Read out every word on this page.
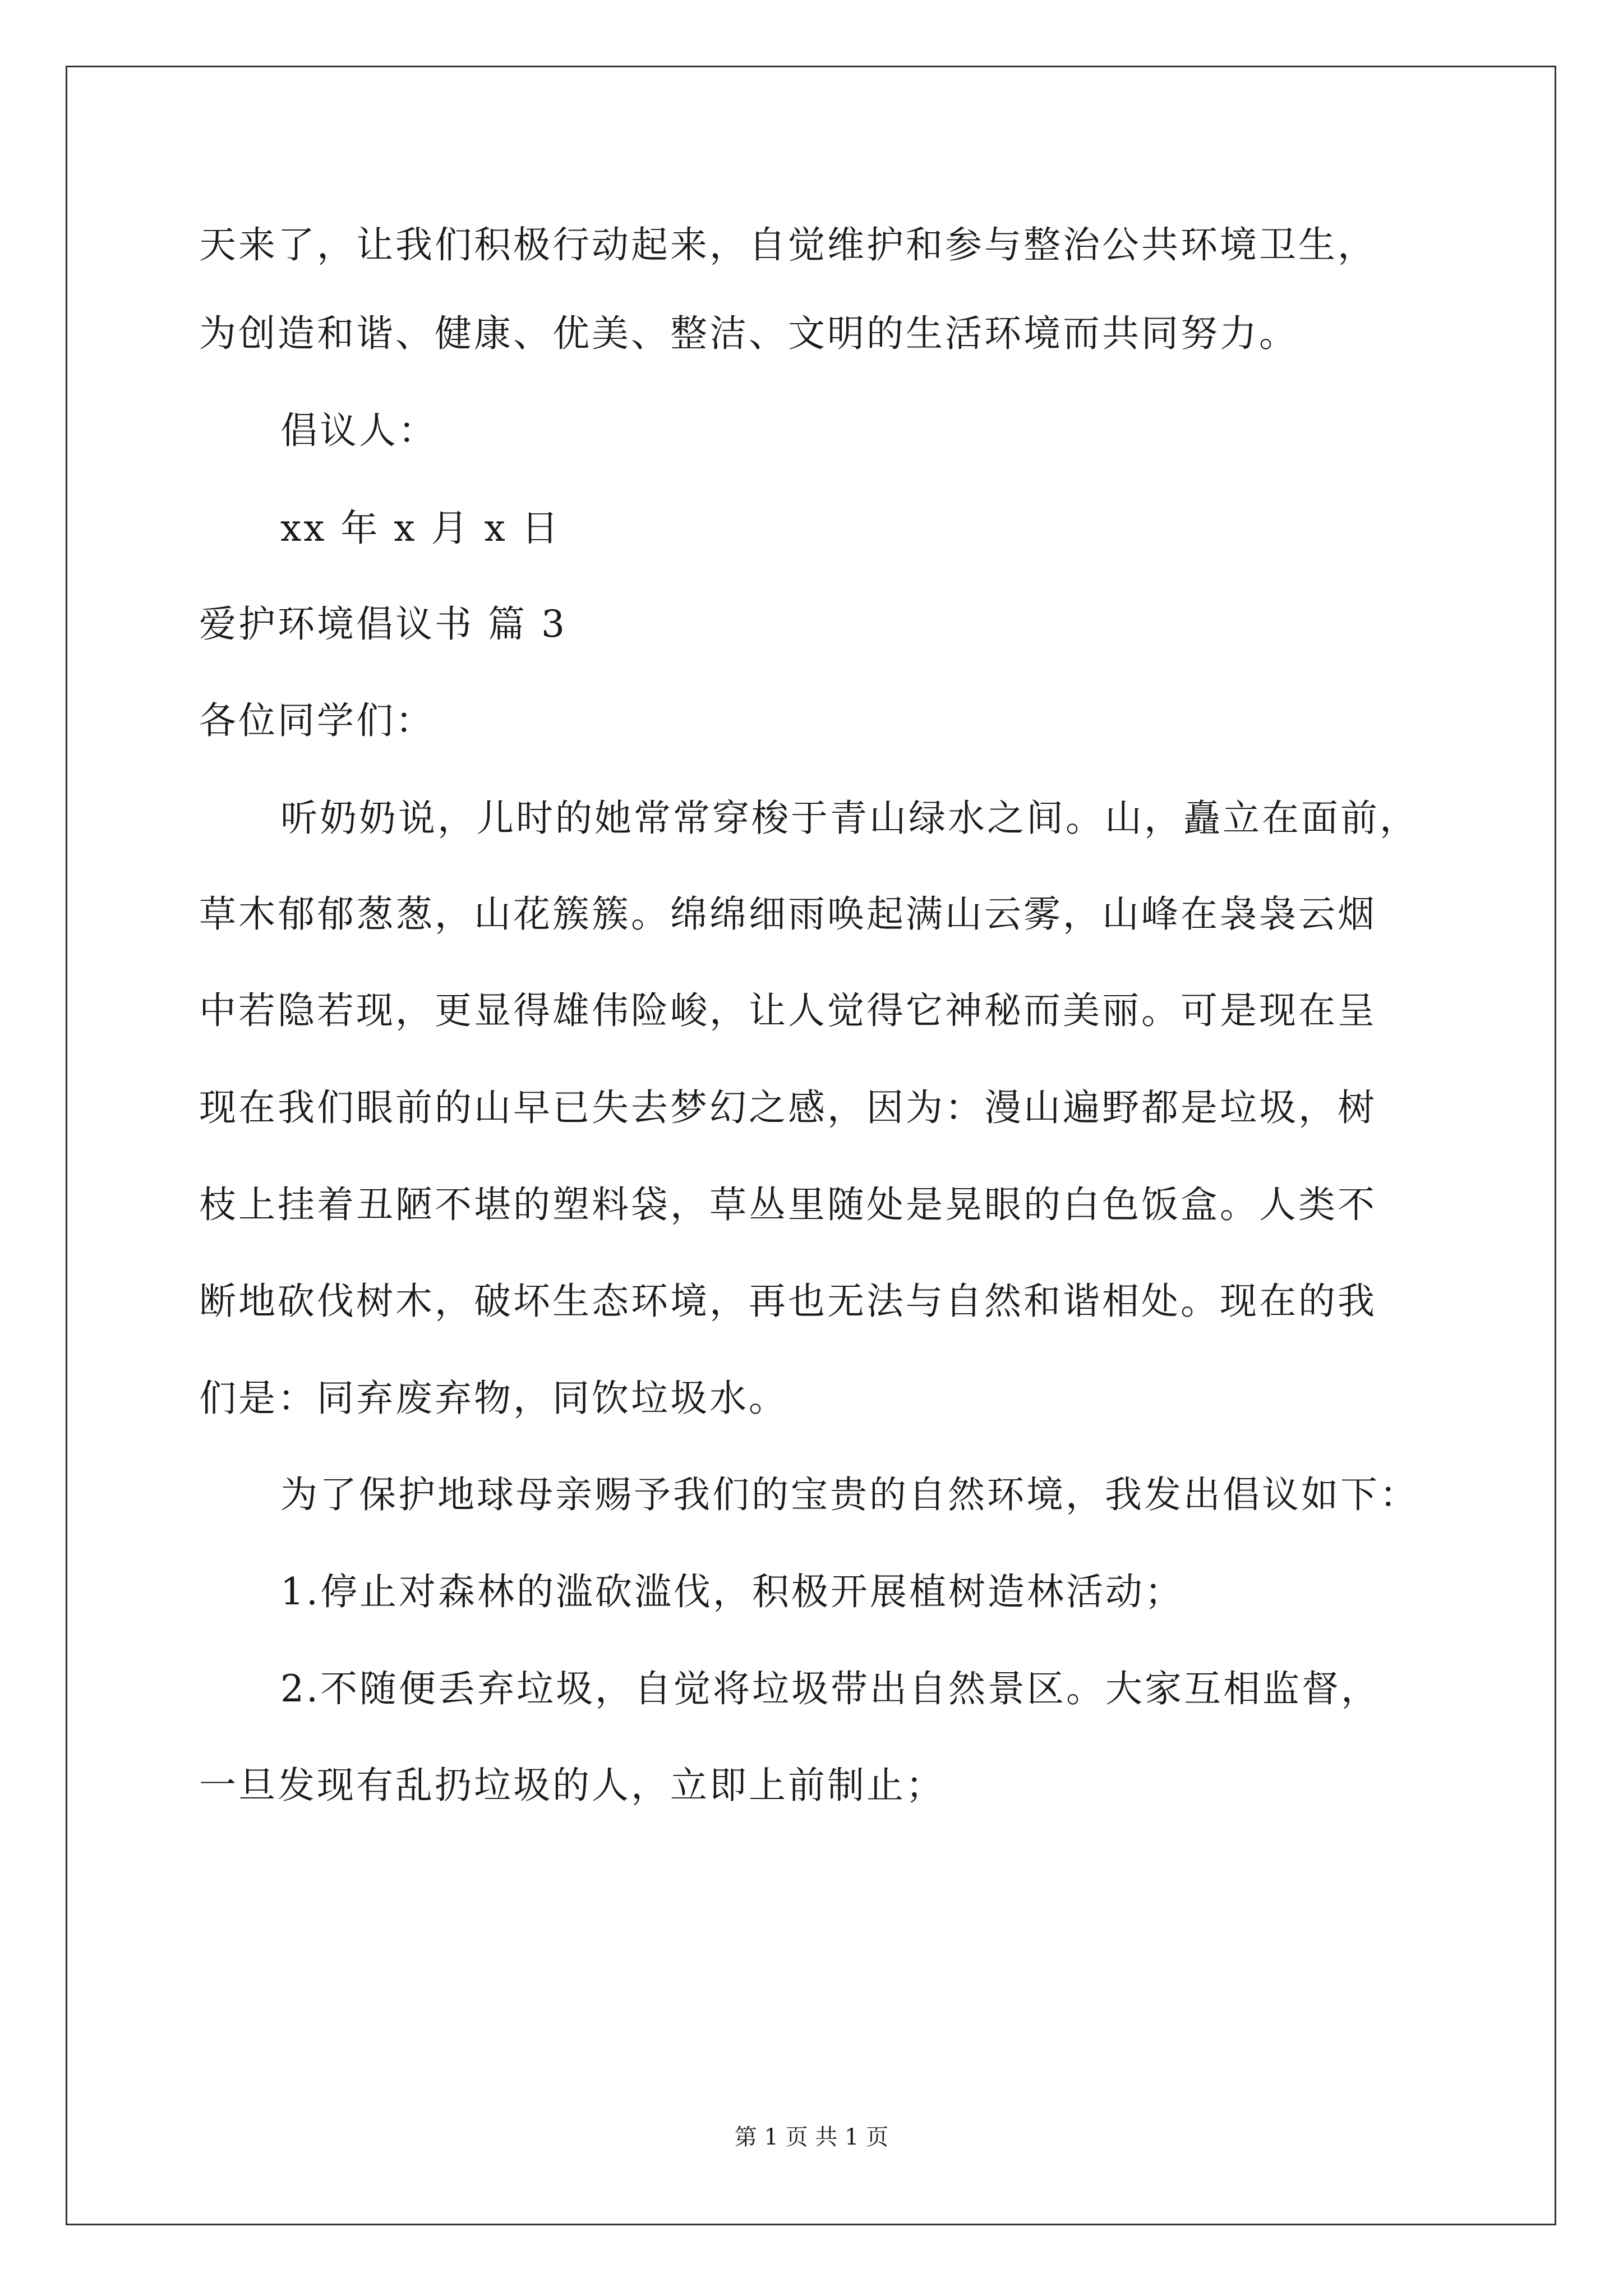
天来了，让我们积极行动起来，自觉维护和参与整治公共环境卫生，
为创造和谐、健康、优美、整洁、文明的生活环境而共同努力。
倡议人：
xx 年 x 月 x 日
爱护环境倡议书 篇 3
各位同学们：
听奶奶说，儿时的她常常穿梭于青山绿水之间。山，矗立在面前，
草木郁郁葱葱，山花簇簇。绵绵细雨唤起满山云雾，山峰在袅袅云烟
中若隐若现，更显得雄伟险峻，让人觉得它神秘而美丽。可是现在呈
现在我们眼前的山早已失去梦幻之感，因为：漫山遍野都是垃圾，树
枝上挂着丑陋不堪的塑料袋，草丛里随处是晃眼的白色饭盒。人类不
断地砍伐树木，破坏生态环境，再也无法与自然和谐相处。现在的我
们是：同弃废弃物，同饮垃圾水。
为了保护地球母亲赐予我们的宝贵的自然环境，我发出倡议如下：
1.停止对森林的滥砍滥伐，积极开展植树造林活动；
2.不随便丢弃垃圾，自觉将垃圾带出自然景区。大家互相监督，
一旦发现有乱扔垃圾的人，立即上前制止；
第 1 页 共 1 页
